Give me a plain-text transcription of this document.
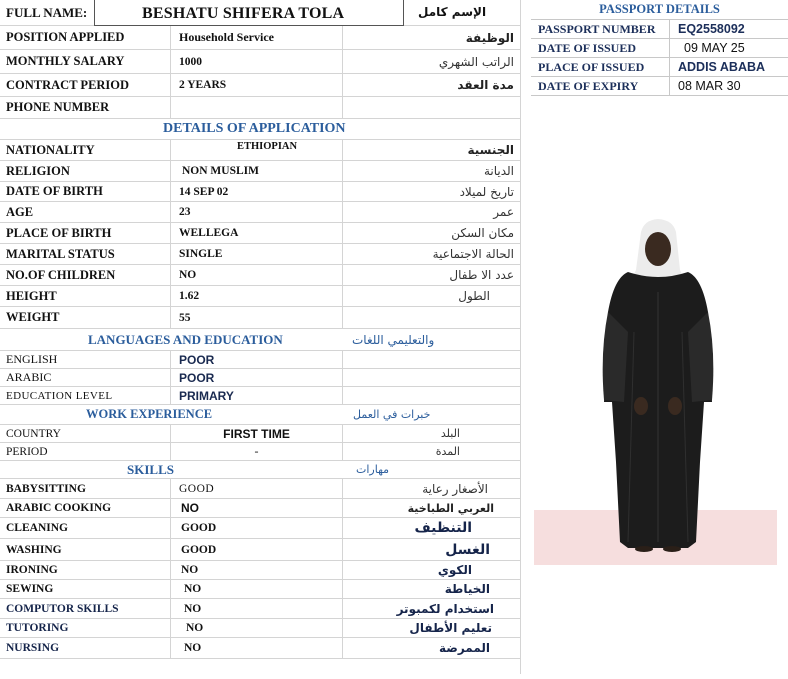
FULL NAME:	BESHATU SHIFERA TOLA	الإسم كامل
POSITION APPLIED	Household Service	الوظيفة
MONTHLY SALARY	1000	الراتب الشهري
CONTRACT PERIOD	2 YEARS	مدة العقد
PHONE NUMBER
DETAILS OF APPLICATION
NATIONALITY	ETHIOPIAN	الجنسية
RELIGION	NON MUSLIM	الديانة
DATE OF BIRTH	14 SEP 02	تاريخ لميلاد
AGE	23	عمر
PLACE OF BIRTH	WELLEGA	مكان السكن
MARITAL STATUS	SINGLE	الحالة الاجتماعية
NO.OF CHILDREN	NO	عدد الا طفال
HEIGHT	1.62	الطول
WEIGHT	55
LANGUAGES AND EDUCATION	والتعليمي اللغات
ENGLISH	POOR
ARABIC	POOR
EDUCATION LEVEL	PRIMARY
WORK EXPERIENCE	خبرات في العمل
COUNTRY	FIRST TIME	البلد
PERIOD	-	المدة
SKILLS	مهارات
BABYSITTING	GOOD	الأصغار رعاية
ARABIC COOKING	NO	العربي الطباخية
CLEANING	GOOD	التنظيف
WASHING	GOOD	الغسل
IRONING	NO	الكوي
SEWING	NO	الخياطة
COMPUTOR SKILLS	NO	استخدام لكمبوتر
TUTORING	NO	تعليم الأطفال
NURSING	NO	الممرضة
PASSPORT DETAILS
PASSPORT NUMBER	EQ2558092
DATE OF ISSUED	09 MAY 25
PLACE OF ISSUED	ADDIS ABABA
DATE OF EXPIRY	08 MAR 30
